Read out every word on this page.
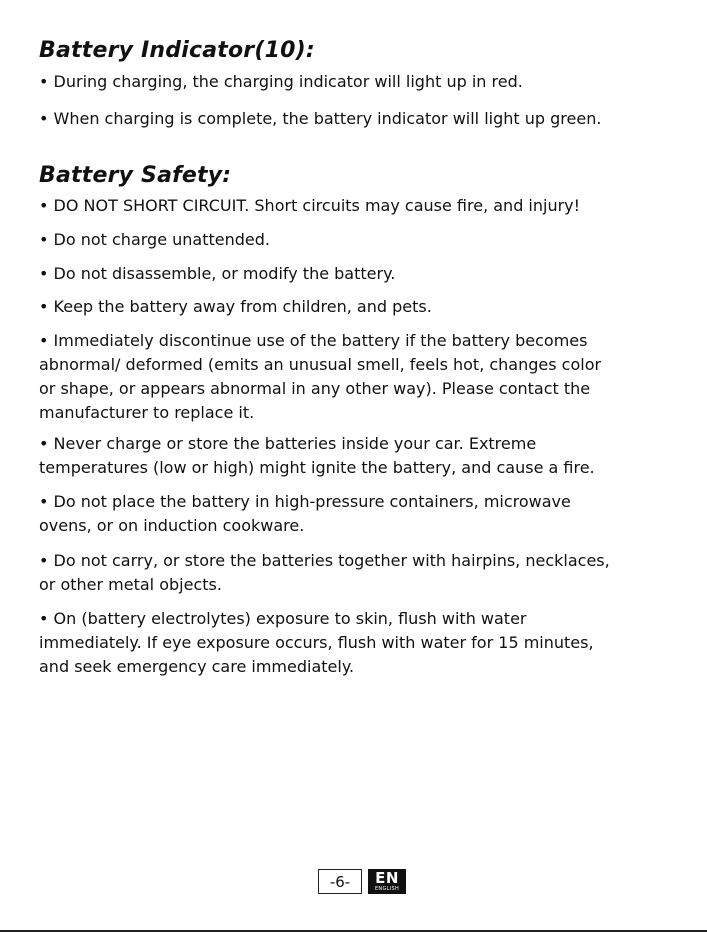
Battery Indicator(10):

• During charging, the charging indicator will light up in red.

• When charging is complete, the battery indicator will light up green.

Battery Safety:
• DO NOT SHORT CIRCUIT. Short circuits may cause fire, and injury!
• Do not charge unattended.
• Do not disassemble, or modify the battery.
• Keep the battery away from children, and pets.
• Immediately discontinue use of the battery if the battery becomes
abnormal/ deformed (emits an unusual smell, feels hot, changes color
or shape, or appears abnormal in any other way). Please contact the
manufacturer to replace it.
• Never charge or store the batteries inside your car. Extreme
temperatures (low or high) might ignite the battery, and cause a fire.
• Do not place the battery in high-pressure containers, microwave
ovens, or on induction cookware.
• Do not carry, or store the batteries together with hairpins, necklaces,
or other metal objects.
• On (battery electrolytes) exposure to skin, flush with water
immediately. If eye exposure occurs, flush with water for 15 minutes,
and seek emergency care immediately.
-6-	EN
ENGLISH
